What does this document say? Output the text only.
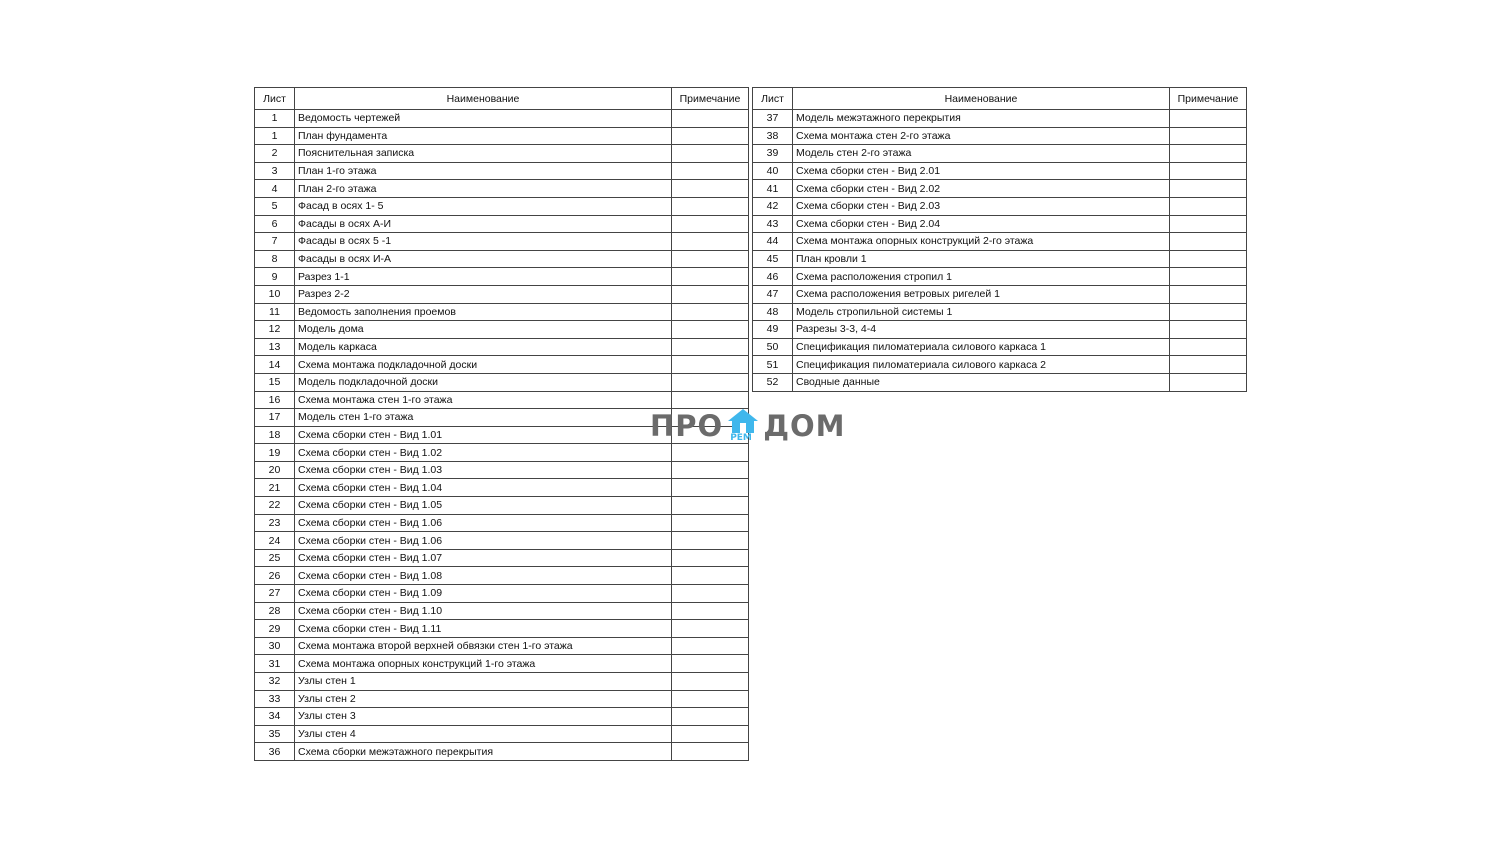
Лист	Наименование	Примечание
1	Ведомость чертежей	
1	План фундамента	
2	Пояснительная записка	
3	План 1-го этажа	
4	План 2-го этажа	
5	Фасад в осях 1- 5	
6	Фасады в осях А-И	
7	Фасады в осях 5 -1	
8	Фасады в осях И-А	
9	Разрез 1-1	
10	Разрез 2-2	
11	Ведомость заполнения проемов	
12	Модель дома	
13	Модель каркаса	
14	Схема монтажа подкладочной доски	
15	Модель подкладочной доски	
16	Схема монтажа стен 1-го этажа	
17	Модель стен 1-го этажа	
18	Схема сборки стен - Вид 1.01	
19	Схема сборки стен - Вид 1.02	
20	Схема сборки стен - Вид 1.03	
21	Схема сборки стен - Вид 1.04	
22	Схема сборки стен - Вид 1.05	
23	Схема сборки стен - Вид 1.06	
24	Схема сборки стен - Вид 1.06	
25	Схема сборки стен - Вид 1.07	
26	Схема сборки стен - Вид 1.08	
27	Схема сборки стен - Вид 1.09	
28	Схема сборки стен - Вид 1.10	
29	Схема сборки стен - Вид 1.11	
30	Схема монтажа второй верхней обвязки стен 1-го этажа	
31	Схема монтажа опорных конструкций 1-го этажа	
32	Узлы стен 1	
33	Узлы стен 2	
34	Узлы стен 3	
35	Узлы стен 4	
36	Схема сборки межэтажного перекрытия	
Лист	Наименование	Примечание
37	Модель межэтажного перекрытия	
38	Схема монтажа стен 2-го этажа	
39	Модель стен 2-го этажа	
40	Схема сборки стен - Вид 2.01	
41	Схема сборки стен - Вид 2.02	
42	Схема сборки стен - Вид 2.03	
43	Схема сборки стен - Вид 2.04	
44	Схема монтажа опорных конструкций 2-го этажа	
45	План кровли 1	
46	Схема расположения стропил 1	
47	Схема расположения ветровых ригелей 1	
48	Модель стропильной системы 1	
49	Разрезы 3-3, 4-4	
50	Спецификация пиломатериала силового каркаса 1	
51	Спецификация пиломатериала силового каркаса 2	
52	Сводные данные	
ПРО РЕМ ДОМ
